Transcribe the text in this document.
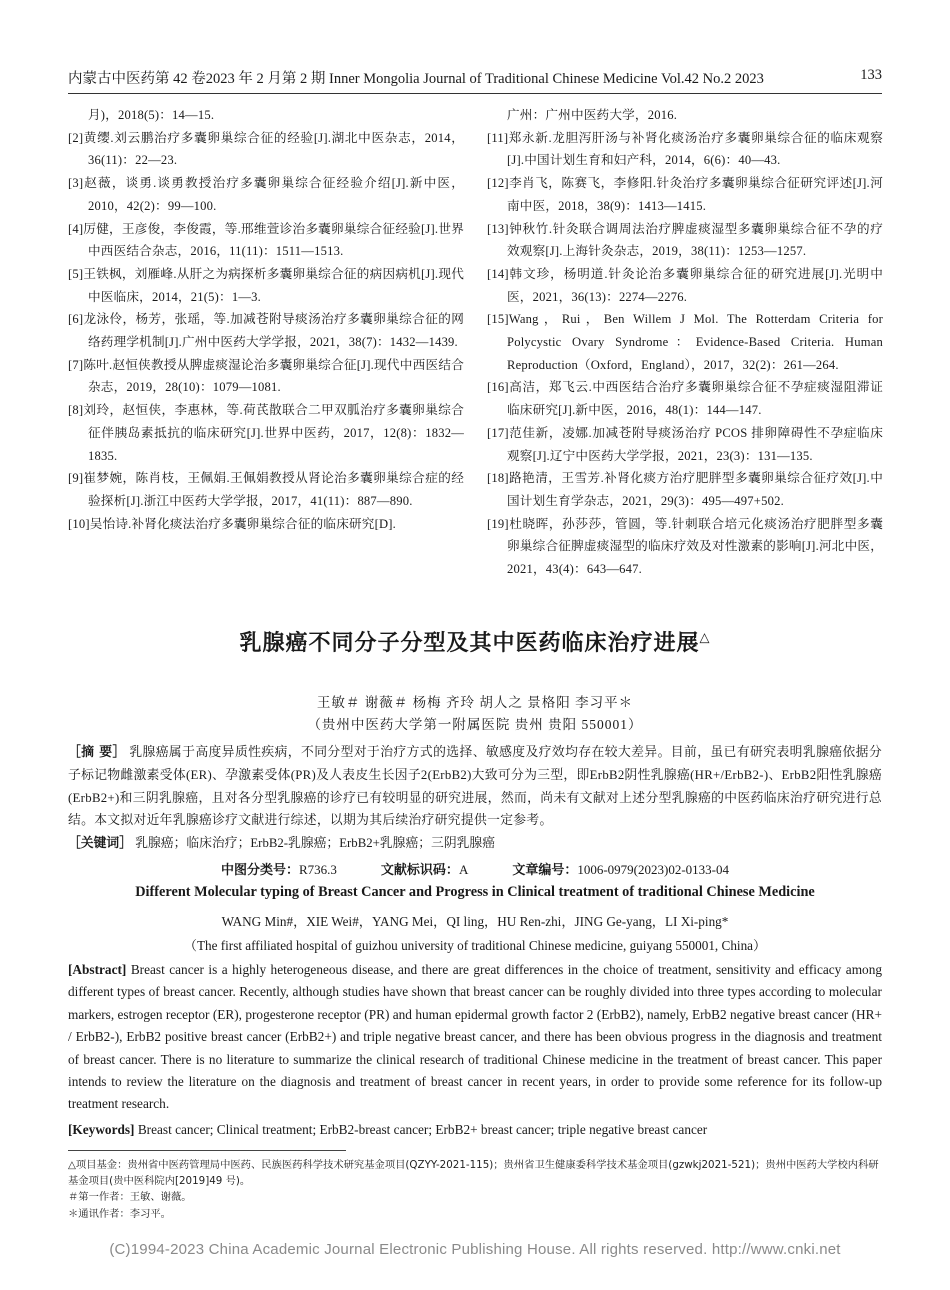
内蒙古中医药第 42 卷2023 年 2 月第 2 期 Inner Mongolia Journal of Traditional Chinese Medicine Vol.42 No.2 2023	133
月)，2018(5)：14—15.
[2]黄缨.刘云鹏治疗多囊卵巢综合征的经验[J].湖北中医杂志，2014，36(11)：22—23.
[3]赵薇，谈勇.谈勇教授治疗多囊卵巢综合征经验介绍[J].新中医，2010，42(2)：99—100.
[4]厉健，王彦俊，李俊霞，等.邢维萱诊治多囊卵巢综合征经验[J].世界中西医结合杂志，2016，11(11)：1511—1513.
[5]王铁枫，刘雁峰.从肝之为病探析多囊卵巢综合征的病因病机[J].现代中医临床，2014，21(5)：1—3.
[6]龙泳伶，杨芳，张瑶，等.加减苍附导痰汤治疗多囊卵巢综合征的网络药理学机制[J].广州中医药大学学报，2021，38(7)：1432—1439.
[7]陈叶.赵恒侠教授从脾虚痰湿论治多囊卵巢综合征[J].现代中西医结合杂志，2019，28(10)：1079—1081.
[8]刘玲，赵恒侠，李惠林，等.荷芪散联合二甲双胍治疗多囊卵巢综合征伴胰岛素抵抗的临床研究[J].世界中医药，2017，12(8)：1832—1835.
[9]崔梦婉，陈肖枝，王佩娟.王佩娟教授从肾论治多囊卵巢综合症的经验探析[J].浙江中医药大学学报，2017，41(11)：887—890.
[10]吴怡诗.补肾化痰法治疗多囊卵巢综合征的临床研究[D].
广州：广州中医药大学，2016.
[11]郑永新.龙胆泻肝汤与补肾化痰汤治疗多囊卵巢综合征的临床观察[J].中国计划生育和妇产科，2014，6(6)：40—43.
[12]李肖飞，陈赛飞，李修阳.针灸治疗多囊卵巢综合征研究评述[J].河南中医，2018，38(9)：1413—1415.
[13]钟秋竹.针灸联合调周法治疗脾虚痰湿型多囊卵巢综合征不孕的疗效观察[J].上海针灸杂志，2019，38(11)：1253—1257.
[14]韩文珍，杨明道.针灸论治多囊卵巢综合征的研究进展[J].光明中医，2021，36(13)：2274—2276.
[15]Wang，Rui，Ben Willem J Mol. The Rotterdam Criteria for Polycystic Ovary Syndrome：Evidence-Based Criteria. Human Reproduction（Oxford，England），2017，32(2)：261—264.
[16]高洁，郑飞云.中西医结合治疗多囊卵巢综合征不孕症痰湿阻滞证临床研究[J].新中医，2016，48(1)：144—147.
[17]范佳新，凌娜.加减苍附导痰汤治疗 PCOS 排卵障碍性不孕症临床观察[J].辽宁中医药大学学报，2021，23(3)：131—135.
[18]路艳清，王雪芳.补肾化痰方治疗肥胖型多囊卵巢综合征疗效[J].中国计划生育学杂志，2021，29(3)：495—497+502.
[19]杜晓晖，孙莎莎，管圆，等.针刺联合培元化痰汤治疗肥胖型多囊卵巢综合征脾虚痰湿型的临床疗效及对性激素的影响[J].河北中医，2021，43(4)：643—647.
乳腺癌不同分子分型及其中医药临床治疗进展△
王敏＃ 谢薇＃ 杨梅 齐玲 胡人之 景格阳 李习平＊
（贵州中医药大学第一附属医院 贵州 贵阳 550001）
［摘 要］ 乳腺癌属于高度异质性疾病，不同分型对于治疗方式的选择、敏感度及疗效均存在较大差异。目前，虽已有研究表明乳腺癌依据分子标记物雌激素受体(ER)、孕激素受体(PR)及人表皮生长因子2(ErbB2)大致可分为三型，即ErbB2阴性乳腺癌(HR+/ErbB2-)、ErbB2阳性乳腺癌(ErbB2+)和三阴乳腺癌，且对各分型乳腺癌的诊疗已有较明显的研究进展，然而，尚未有文献对上述分型乳腺癌的中医药临床治疗研究进行总结。本文拟对近年乳腺癌诊疗文献进行综述，以期为其后续治疗研究提供一定参考。
［关键词］ 乳腺癌；临床治疗；ErbB2-乳腺癌；ErbB2+乳腺癌；三阴乳腺癌
中图分类号：R736.3	文献标识码：A	文章编号：1006-0979(2023)02-0133-04
Different Molecular typing of Breast Cancer and Progress in Clinical treatment of traditional Chinese Medicine
WANG Min#，XIE Wei#，YANG Mei，QI ling，HU Ren-zhi，JING Ge-yang，LI Xi-ping*
（The first affiliated hospital of guizhou university of traditional Chinese medicine, guiyang 550001, China）
[Abstract] Breast cancer is a highly heterogeneous disease, and there are great differences in the choice of treatment, sensitivity and efficacy among different types of breast cancer. Recently, although studies have shown that breast cancer can be roughly divided into three types according to molecular markers, estrogen receptor (ER), progesterone receptor (PR) and human epidermal growth factor 2 (ErbB2), namely, ErbB2 negative breast cancer (HR+ / ErbB2-), ErbB2 positive breast cancer (ErbB2+) and triple negative breast cancer, and there has been obvious progress in the diagnosis and treatment of breast cancer. There is no literature to summarize the clinical research of traditional Chinese medicine in the treatment of breast cancer. This paper intends to review the literature on the diagnosis and treatment of breast cancer in recent years, in order to provide some reference for its follow-up treatment research.
[Keywords] Breast cancer; Clinical treatment; ErbB2-breast cancer; ErbB2+ breast cancer; triple negative breast cancer
△项目基金：贵州省中医药管理局中医药、民族医药科学技术研究基金项目(QZYY-2021-115)；贵州省卫生健康委科学技术基金项目(gzwkj2021-521)；贵州中医药大学校内科研基金项目(贵中医科院内[2019]49 号)。
＃第一作者：王敏、谢薇。
＊通讯作者：李习平。
(C)1994-2023 China Academic Journal Electronic Publishing House. All rights reserved. http://www.cnki.net
